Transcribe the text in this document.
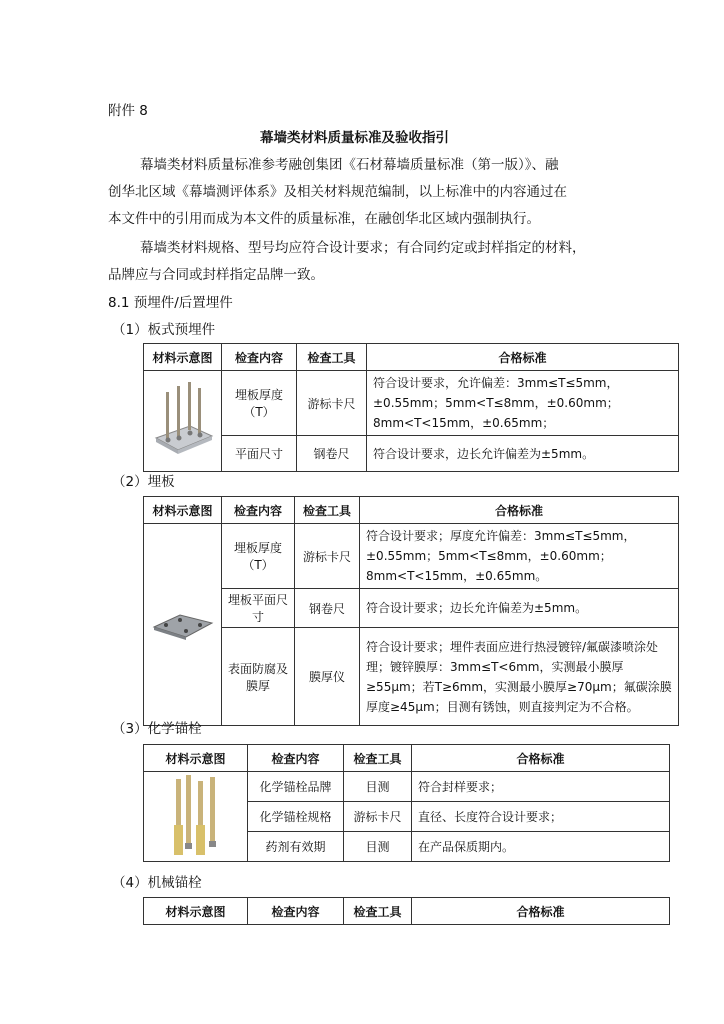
附件 8
幕墙类材料质量标准及验收指引
幕墙类材料质量标准参考融创集团《石材幕墙质量标准（第一版）》、融
创华北区域《幕墙测评体系》及相关材料规范编制，以上标准中的内容通过在
本文件中的引用而成为本文件的质量标准，在融创华北区域内强制执行。
幕墙类材料规格、型号均应符合设计要求；有合同约定或封样指定的材料，
品牌应与合同或封样指定品牌一致。
8.1 预埋件/后置埋件
（1）板式预埋件
材料示意图	检查内容	检查工具	合格标准

	埋板厚度（T）	游标卡尺	符合设计要求，允许偏差：3mm≤T≤5mm，±0.55mm；5mm<T≤8mm，±0.60mm；8mm<T<15mm，±0.65mm；
	平面尺寸	钢卷尺	符合设计要求，边长允许偏差为±5mm。
（2）埋板
材料示意图	检查内容	检查工具	合格标准

	埋板厚度（T）	游标卡尺	符合设计要求；厚度允许偏差：3mm≤T≤5mm，±0.55mm；5mm<T≤8mm，±0.60mm；8mm<T<15mm，±0.65mm。
	埋板平面尺寸	钢卷尺	符合设计要求；边长允许偏差为±5mm。
	表面防腐及膜厚	膜厚仪	符合设计要求；埋件表面应进行热浸镀锌/氟碳漆喷涂处理；镀锌膜厚：3mm≤T<6mm，实测最小膜厚≥55μm；若T≥6mm，实测最小膜厚≥70μm；氟碳涂膜厚度≥45μm；目测有锈蚀，则直接判定为不合格。
（3）化学锚栓
材料示意图	检查内容	检查工具	合格标准

	化学锚栓品牌	目测	符合封样要求；
	化学锚栓规格	游标卡尺	直径、长度符合设计要求；
	药剂有效期	目测	在产品保质期内。
（4）机械锚栓
材料示意图	检查内容	检查工具	合格标准
